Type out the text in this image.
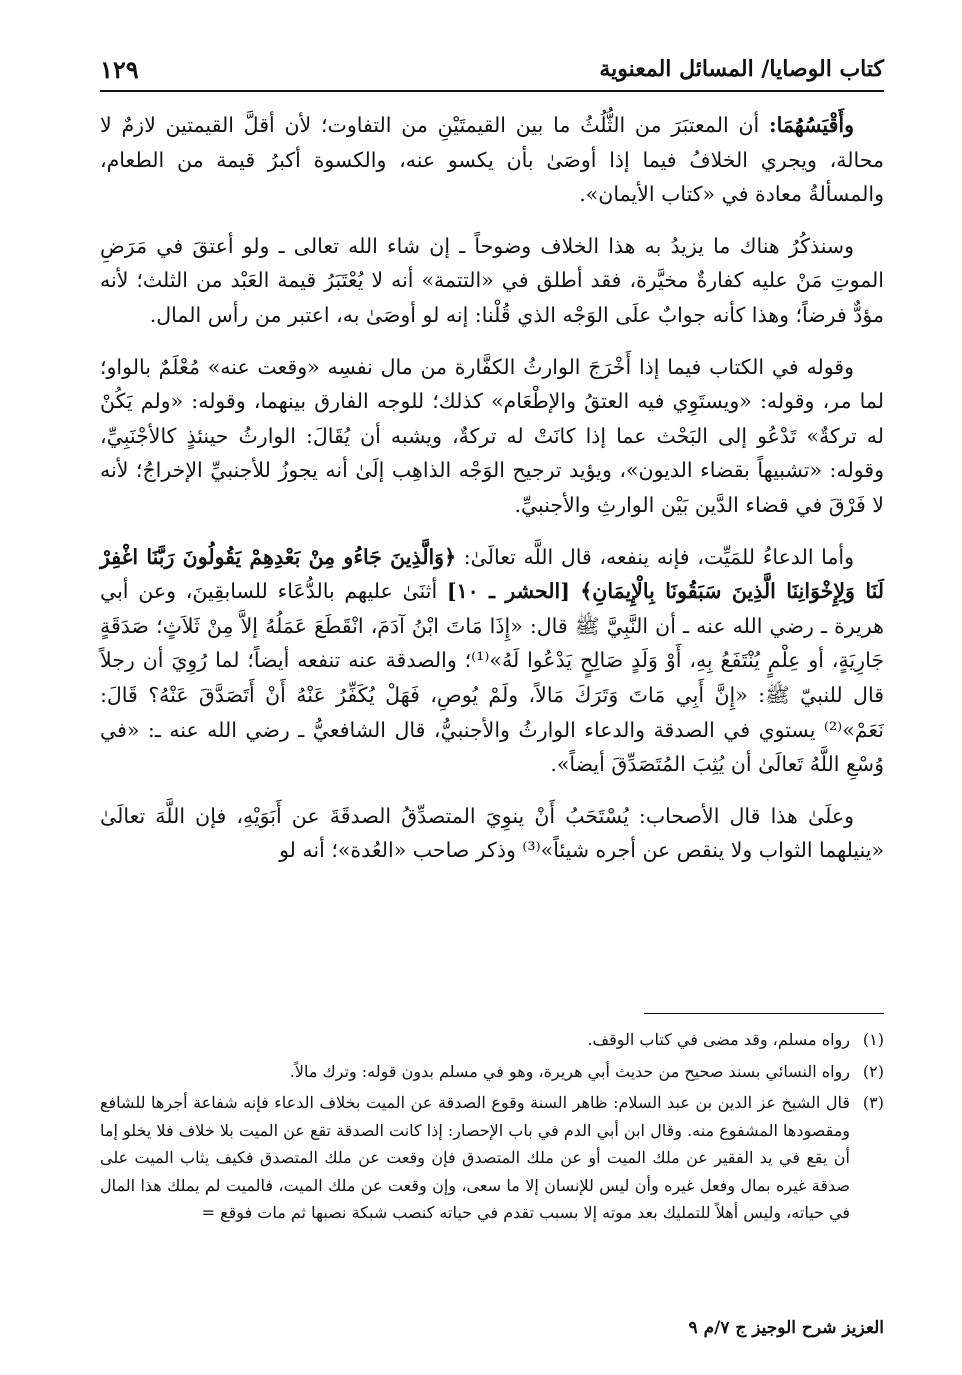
كتاب الوصايا/ المسائل المعنوية
١٢٩

وأَقْيَسُهُمَا: أن المعتبَرَ من الثُّلُثُ ما بين القيمتَيْنِ من التفاوت؛ لأن أقلَّ القيمتين لازمٌ لا محالة، ويجري الخلافُ فيما إذا أوصَىٰ بأن يكسو عنه، والكسوة أكبرُ قيمة من الطعام، والمسألةُ معادة في «كتاب الأيمان».

وسنذكُرُ هناك ما يزيدُ به هذا الخلاف وضوحاً ـ إن شاء الله تعالى ـ ولو أعتقَ في مَرَضِ الموتِ مَنْ عليه كفارةٌ مخيَّرة، فقد أطلق في «التتمة» أنه لا يُعْتَبَرُ قيمة العَبْد من الثلث؛ لأنه مؤدٌّ فرضاً؛ وهذا كأنه جوابٌ علَى الوَجْه الذي قُلْنا: إنه لو أوصَىٰ به، اعتبر من رأس المال.

وقوله في الكتاب فيما إذا أَخْرَجَ الوارثُ الكفَّارة من مال نفسِه «وقعت عنه» مُعْلَمٌ بالواو؛ لما مر، وقوله: «ويستَوِي فيه العتقُ والإطْعَام» كذلك؛ للوجه الفارق بينهما، وقوله: «ولم يَكُنْ له تركةٌ» تَدْعُو إلى البَحْث عما إذا كانَتْ له تركةٌ، ويشبه أن يُقَالَ: الوارثُ حينئذٍ كالأجْنَبِيِّ، وقوله: «تشبيهاً بقضاء الديون»، ويؤيد ترجيح الوَجْه الذاهِب إلَىٰ أنه يجوزُ للأجنبيِّ الإخراجُ؛ لأنه لا فَرْقَ في قضاء الدَّين بَيْن الوارثِ والأجنبيِّ.

وأما الدعاءُ للمَيِّت، فإنه ينفعه، قال اللَّه تعالَىٰ: ﴿وَالَّذِينَ جَاءُو مِنْ بَعْدِهِمْ يَقُولُونَ رَبَّنَا اغْفِرْ لَنَا وَلِإِخْوَانِنَا الَّذِينَ سَبَقُونَا بِالْإِيمَانِ﴾ [الحشر ـ ١٠] أثنَىٰ عليهم بالدُّعَاء للسابقِينَ، وعن أبي هريرة ـ رضي الله عنه ـ أن النَّبِيَّ ﷺ قال: «إِذَا مَاتَ ابْنُ آدَمَ، انْقَطَعَ عَمَلُهُ إلاَّ مِنْ ثَلاَثٍ؛ صَدَقَةٍ جَارِيَةٍ، أو عِلْمٍ يُنْتَفَعُ بِهِ، أَوْ وَلَدٍ صَالِحٍ يَدْعُوا لَهُ»⁽¹⁾؛ والصدقة عنه تنفعه أيضاً؛ لما رُوِيَ أن رجلاً قال للنبيّ ﷺ: «إِنَّ أَبِي مَاتَ وَتَرَكَ مَالاً، ولَمْ يُوصِ، فَهَلْ يُكَفِّرُ عَنْهُ أَنْ أَتَصَدَّقَ عَنْهُ؟ قَالَ: نَعَمْ»⁽²⁾ يستوي في الصدقة والدعاء الوارثُ والأجنبيُّ، قال الشافعيُّ ـ رضي الله عنه ـ: «في وُسْعِ اللَّهُ تَعالَىٰ أن يُثِبَ المُتَصَدِّقَ أيضاً».

وعلَىٰ هذا قال الأصحاب: يُسْتَحَبُ أَنْ ينوِيَ المتصدِّقُ الصدقَةَ عن أَبَوَيْهِ، فإن اللَّهَ تعالَىٰ «ينيلهما الثواب ولا ينقص عن أجره شيئاً»⁽³⁾ وذكر صاحب «العُدة»؛ أنه لو

(١)
رواه مسلم، وقد مضى في كتاب الوقف.
(٢)
رواه النسائي بسند صحيح من حديث أبي هريرة، وهو في مسلم بدون قوله: وترك مالاً.
(٣)
قال الشيخ عز الدين بن عبد السلام: ظاهر السنة وقوع الصدقة عن الميت بخلاف الدعاء فإنه شفاعة أجرها للشافع ومقصودها المشفوع منه. وقال ابن أبي الدم في باب الإحصار: إذا كانت الصدقة تقع عن الميت بلا خلاف فلا يخلو إما أن يقع في يد الفقير عن ملك الميت أو عن ملك المتصدق فإن وقعت عن ملك المتصدق فكيف يثاب الميت على صدقة غيره بمال وفعل غيره وأن ليس للإنسان إلا ما سعى، وإن وقعت عن ملك الميت، فالميت لم يملك هذا المال في حياته، وليس أهلاً للتمليك بعد موته إلا بسبب تقدم في حياته كنصب شبكة نصبها ثم مات فوقع =
العزيز شرح الوجيز ج ٧/م ٩
